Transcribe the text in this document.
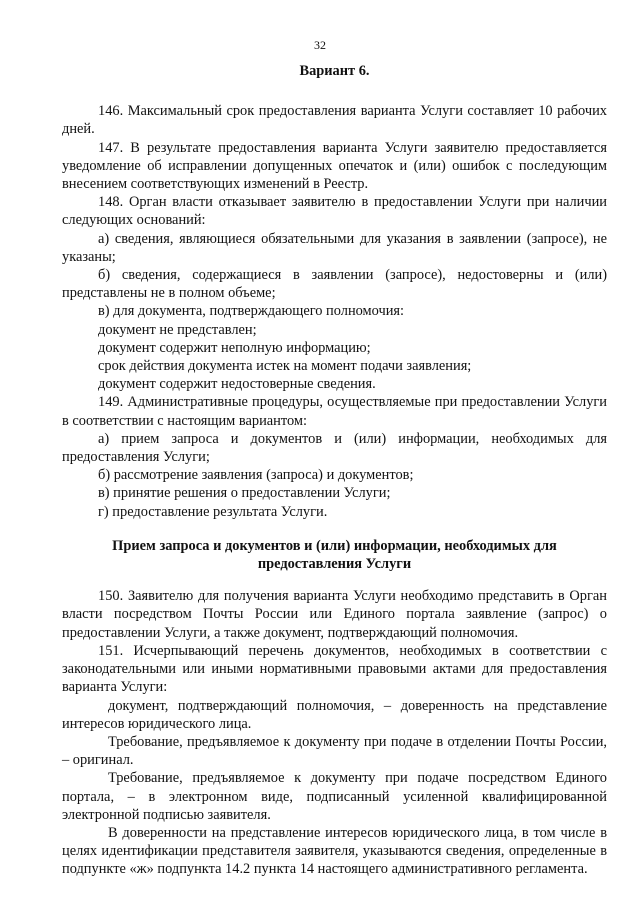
32

Вариант 6.

146. Максимальный срок предоставления варианта Услуги составляет 10 рабочих дней.

147. В результате предоставления варианта Услуги заявителю предоставляется уведомление об исправлении допущенных опечаток и (или) ошибок с последующим внесением соответствующих изменений в Реестр.

148. Орган власти отказывает заявителю в предоставлении Услуги при наличии следующих оснований:

а) сведения, являющиеся обязательными для указания в заявлении (запросе), не указаны;

б) сведения, содержащиеся в заявлении (запросе), недостоверны и (или) представлены не в полном объеме;

в) для документа, подтверждающего полномочия:

документ не представлен;

документ содержит неполную информацию;

срок действия документа истек на момент подачи заявления;

документ содержит недостоверные сведения.

149. Административные процедуры, осуществляемые при предоставлении Услуги в соответствии с настоящим вариантом:

а) прием запроса и документов и (или) информации, необходимых для предоставления Услуги;

б) рассмотрение заявления (запроса) и документов;

в) принятие решения о предоставлении Услуги;

г) предоставление результата Услуги.

Прием запроса и документов и (или) информации, необходимых для
предоставления Услуги

150. Заявителю для получения варианта Услуги необходимо представить в Орган власти посредством Почты России или Единого портала заявление (запрос) о предоставлении Услуги, а также документ, подтверждающий полномочия.

151. Исчерпывающий перечень документов, необходимых в соответствии с законодательными или иными нормативными правовыми актами для предоставления варианта Услуги:

документ, подтверждающий полномочия, – доверенность на представление интересов юридического лица.

Требование, предъявляемое к документу при подаче в отделении Почты России, – оригинал.

Требование, предъявляемое к документу при подаче посредством Единого портала, – в электронном виде, подписанный усиленной квалифицированной электронной подписью заявителя.

В доверенности на представление интересов юридического лица, в том числе в целях идентификации представителя заявителя, указываются сведения, определенные в подпункте «ж» подпункта 14.2 пункта 14 настоящего административного регламента.
